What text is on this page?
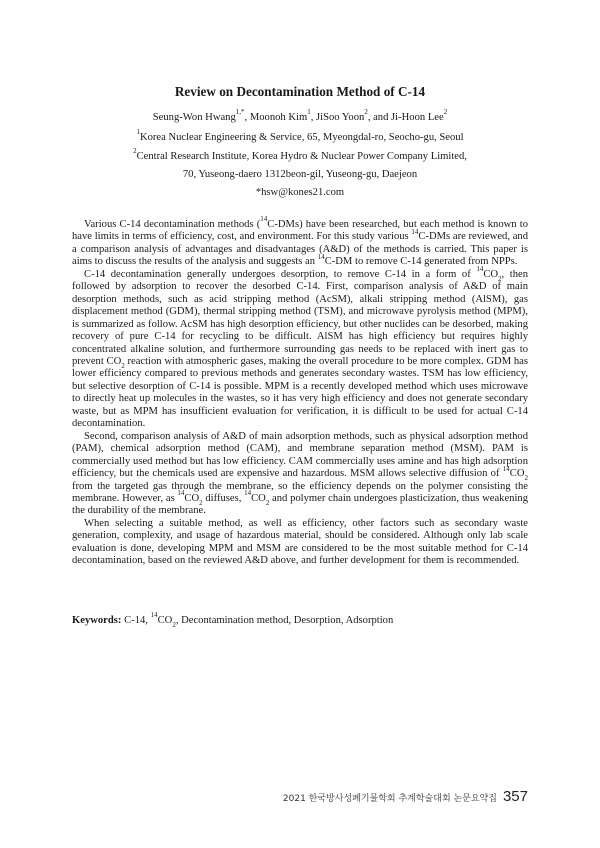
Review on Decontamination Method of C-14
Seung-Won Hwang$^{1,*}$, Moonoh Kim$^1$, JiSoo Yoon$^2$, and Ji-Hoon Lee$^2$
$^1$Korea Nuclear Engineering & Service, 65, Myeongdal-ro, Seocho-gu, Seoul
$^2$Central Research Institute, Korea Hydro & Nuclear Power Company Limited,
70, Yuseong-daero 1312beon-gil, Yuseong-gu, Daejeon
*hsw@kones21.com

Various C-14 decontamination methods ($^{14}$C-DMs) have been researched, but each method is known to have limits in terms of efficiency, cost, and environment. For this study various $^{14}$C-DMs are reviewed, and a comparison analysis of advantages and disadvantages (A&D) of the methods is carried. This paper is aims to discuss the results of the analysis and suggests an $^{14}$C-DM to remove C-14 generated from NPPs.

C-14 decontamination generally undergoes desorption, to remove C-14 in a form of $^{14}CO_2$, then followed by adsorption to recover the desorbed C-14. First, comparison analysis of A&D of main desorption methods, such as acid stripping method (AcSM), alkali stripping method (AlSM), gas displacement method (GDM), thermal stripping method (TSM), and microwave pyrolysis method (MPM), is summarized as follow. AcSM has high desorption efficiency, but other nuclides can be desorbed, making recovery of pure C-14 for recycling to be difficult. AlSM has high efficiency but requires highly concentrated alkaline solution, and furthermore surrounding gas needs to be replaced with inert gas to prevent $CO_2$ reaction with atmospheric gases, making the overall procedure to be more complex. GDM has lower efficiency compared to previous methods and generates secondary wastes. TSM has low efficiency, but selective desorption of C-14 is possible. MPM is a recently developed method which uses microwave to directly heat up molecules in the wastes, so it has very high efficiency and does not generate secondary waste, but as MPM has insufficient evaluation for verification, it is difficult to be used for actual C-14 decontamination.

Second, comparison analysis of A&D of main adsorption methods, such as physical adsorption method (PAM), chemical adsorption method (CAM), and membrane separation method (MSM). PAM is commercially used method but has low efficiency. CAM commercially uses amine and has high adsorption efficiency, but the chemicals used are expensive and hazardous. MSM allows selective diffusion of $^{14}CO_2$ from the targeted gas through the membrane, so the efficiency depends on the polymer consisting the membrane. However, as $^{14}CO_2$ diffuses, $^{14}CO_2$ and polymer chain undergoes plasticization, thus weakening the durability of the membrane.

When selecting a suitable method, as well as efficiency, other factors such as secondary waste generation, complexity, and usage of hazardous material, should be considered. Although only lab scale evaluation is done, developing MPM and MSM are considered to be the most suitable method for C-14 decontamination, based on the reviewed A&D above, and further development for them is recommended.

Keywords: C-14, $^{14}CO_2$, Decontamination method, Desorption, Adsorption
2021 한국방사성폐기물학회 추계학술대회 논문요약집 357
